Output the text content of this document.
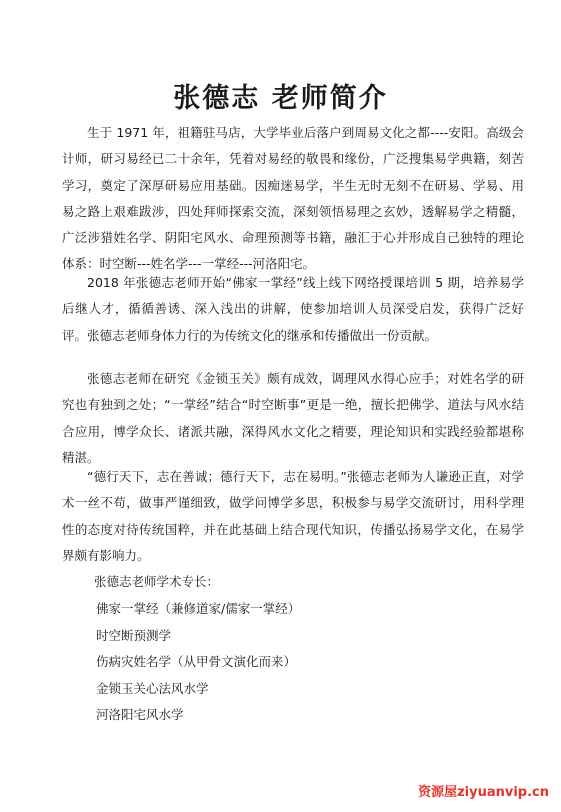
张德志 老师简介

生于 1971 年，祖籍驻马店，大学毕业后落户到周易文化之都----安阳。高级会计师，研习易经已二十余年，凭着对易经的敬畏和缘份，广泛搜集易学典籍，刻苦学习，奠定了深厚研易应用基础。因痴迷易学，半生无时无刻不在研易、学易、用易之路上艰难跋涉，四处拜师探索交流，深刻领悟易理之玄妙，透解易学之精髓，广泛涉猎姓名学、阴阳宅风水、命理预测等书籍，融汇于心并形成自己独特的理论体系：时空断---姓名学---一掌经---河洛阳宅。

2018 年张德志老师开始“佛家一掌经”线上线下网络授课培训 5 期，培养易学后继人才，循循善诱、深入浅出的讲解，使参加培训人员深受启发，获得广泛好评。张德志老师身体力行的为传统文化的继承和传播做出一份贡献。

张德志老师在研究《金锁玉关》颇有成效，调理风水得心应手；对姓名学的研究也有独到之处；“一掌经”结合“时空断事”更是一绝，擅长把佛学、道法与风水结合应用，博学众长、诸派共融，深得风水文化之精要，理论知识和实践经验都堪称精湛。

“德行天下，志在善诚；德行天下，志在易明。”张德志老师为人谦逊正直，对学术一丝不苟，做事严谨细致，做学问博学多思，积极参与易学交流研讨，用科学理性的态度对待传统国粹，并在此基础上结合现代知识，传播弘扬易学文化，在易学界颇有影响力。

张德志老师学术专长：

佛家一掌经（兼修道家/儒家一掌经）
时空断预测学
伤病灾姓名学（从甲骨文演化而来）
金锁玉关心法风水学
河洛阳宅风水学
资源屋ziyuanvip.cn
